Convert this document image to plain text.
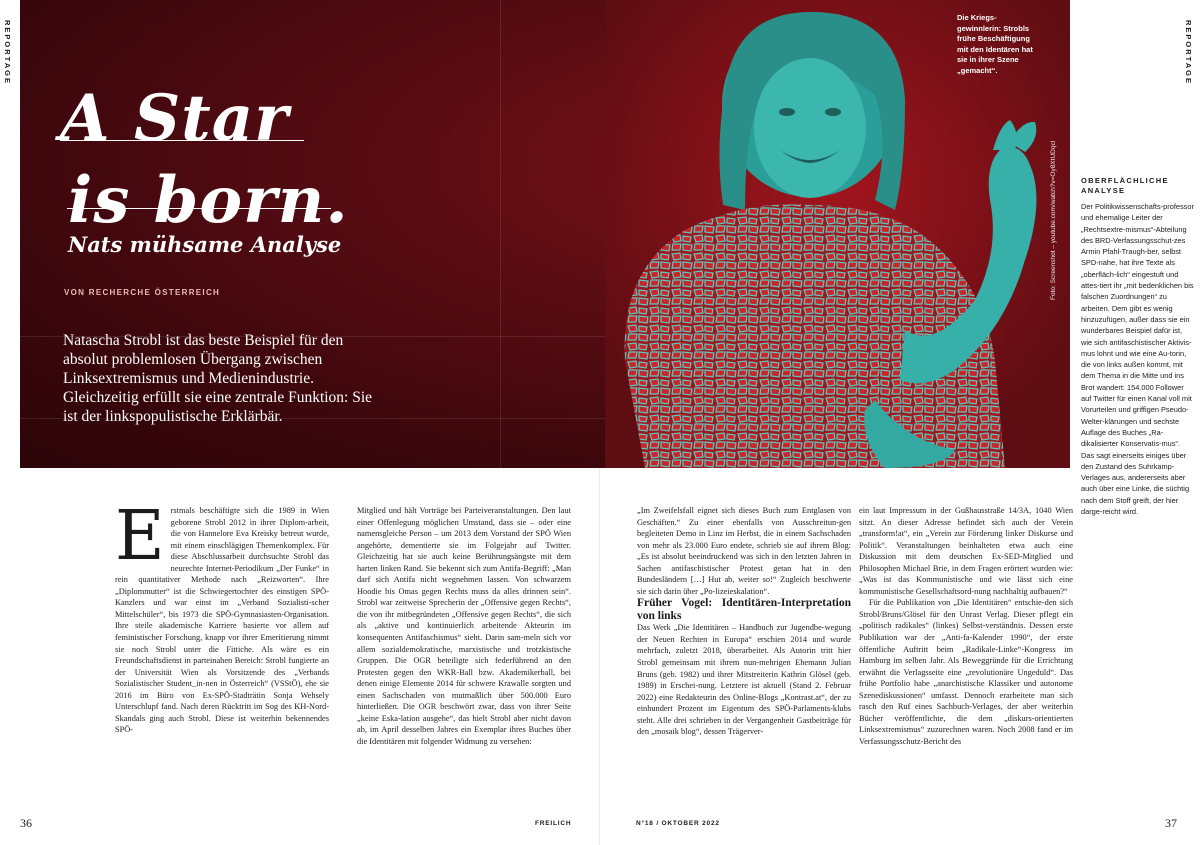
REPORTAGE	REPORTAGE
A Star
is born.
Nats mühsame Analyse
VON RECHERCHE ÖSTERREICH

Natascha Strobl ist das beste Beispiel für den absolut problemlosen Übergang zwischen Linksextremismus und Medienindustrie. Gleichzeitig erfüllt sie eine zentrale Funktion: Sie ist der linkspopulistische Erklärbär.

Die Kriegs-gewinnlerin: Strobls frühe Beschäftigung mit den Identären hat sie in ihrer Szene „gemacht“.
Foto: Screenshot – youtube.com/watch?v=Oy8XtUDqcI	OBERFLÄCHLICHE ANALYSE

Der Politikwissenschafts-professor und ehemalige Leiter der „Rechtsextre-mismus“-Abteilung des BRD-Verfassungsschut-zes Armin Pfahl-Traugh-ber, selbst SPD-nahe, hat ihre Texte als „oberfläch-lich“ eingestuft und attes-tiert ihr „mit bedenklichen bis falschen Zuordnungen“ zu arbeiten. Dem gibt es wenig hinzuzufügen, außer dass sie ein wunderbares Beispiel dafür ist, wie sich antifaschistischer Aktivis-mus lohnt und wie eine Au-torin, die von links außen kommt, mit dem Thema in die Mitte und ins Brot wandert: 154.000 Follower auf Twitter für einen Kanal voll mit Vorurteilen und griffigen Pseudo-Welter-klärungen und sechste Auflage des Buches „Ra-dikalisierter Konservatis-mus“. Das sagt einerseits einiges über den Zustand des Suhrkamp-Verlages aus, andererseits aber auch über eine Linke, die süchtig nach dem Stoff greift, der hier darge-reicht wird.

E rstmals beschäftigte sich die 1989 in Wien geborene Strobl 2012 in ihrer Diplom-arbeit, die von Hannelore Eva Kreisky betreut wurde, mit einem einschlägigen Themenkomplex. Für diese Abschlussarbeit durchsuchte Strobl das neurechte Internet-Periodikum „Der Funke“ in rein quantitativer Methode nach „Reizworten“. Ihre „Diplommutter“ ist die Schwiegertochter des einstigen SPÖ-Kanzlers und war einst im „Verband Sozialisti-scher Mittelschüler“, bis 1973 die SPÖ-Gymnasiasten-Organisation. Ihre steile akademische Karriere basierte vor allem auf feministischer Forschung, knapp vor ihrer Emeritierung nimmt sie noch Strobl unter die Fittiche. Als wäre es ein Freundschaftsdienst in parteinahen Bereich: Strobl fungierte an der Universität Wien als Vorsitzende des „Verbands Sozialistischer Student_in-nen in Österreich“ (VSStÖ), ehe sie 2016 im Büro von Ex-SPÖ-Stadträtin Sonja Wehsely Unterschlupf fand. Nach deren Rücktritt im Sog des KH-Nord-Skandals ging auch Strobl. Diese ist weiterhin bekennendes SPÖ-

Mitglied und hält Vorträge bei Parteiveranstaltungen. Den laut einer Offenlegung möglichen Umstand, dass sie – oder eine namensgleiche Person – um 2013 dem Vorstand der SPÖ Wien angehörte, dementierte sie im Folgejahr auf Twitter. Gleichzeitig hat sie auch keine Berührungsängste mit dem harten linken Rand. Sie bekennt sich zum Antifa-Begriff: „Man darf sich Antifa nicht wegnehmen lassen. Von schwarzem Hoodie bis Omas gegen Rechts muss da alles drinnen sein“. Strobl war zeitweise Sprecherin der „Offensive gegen Rechts“, die von ihr mitbegründeten „Offensive gegen Rechts“, die sich als „aktive und kontinuierlich arbeitende Akteurin im konsequenten Antifaschismus“ sieht. Darin sam-meln sich vor allem sozialdemokratische, marxistische und trotzkistische Gruppen. Die OGR beteiligte sich federführend an den Protesten gegen den WKR-Ball bzw. Akademikerball, bei denen einige Elemente 2014 für schwere Krawalle sorgten und einen Sachschaden von mutmaßlich über 500.000 Euro hinterließen. Die OGR beschwört zwar, dass von ihrer Seite „keine Eska-lation ausgehe“, das hielt Strobl aber nicht davon ab, im April desselben Jahres ein Exemplar ihres Buches über die Identitären mit folgender Widmung zu versehen:

„Im Zweifelsfall eignet sich dieses Buch zum Entglasen von Geschäften.“ Zu einer ebenfalls von Ausschreitun-gen begleiteten Demo in Linz im Herbst, die in einem Sachschaden von mehr als 23.000 Euro endete, schrieb sie auf ihrem Blog: „Es ist absolut beeindruckend was sich in den letzten Jahren in Sachen antifaschistischer Protest getan hat in den Bundesländern […] Hut ab, weiter so!“ Zugleich beschwerte sie sich darin über „Po-lizeieskalation“.

Früher Vogel: Identitären-Interpretation von links

Das Werk „Die Identitären – Handbuch zur Jugendbe-wegung der Neuen Rechten in Europa“ erschien 2014 und wurde mehrfach, zuletzt 2018, überarbeitet. Als Autorin tritt hier Strobl gemeinsam mit ihrem nun-mehrigen Ehemann Julian Bruns (geb. 1982) und ihrer Mitstreiterin Kathrin Glösel (geb. 1989) in Erschei-nung. Letztere ist aktuell (Stand 2. Februar 2022) eine Redakteurin des Online-Blogs „Kontrast.at“, der zu einhundert Prozent im Eigentum des SPÖ-Parlaments-klubs steht. Alle drei schrieben in der Vergangenheit Gastbeiträge für den „mosaik blog“, dessen Trägerver-

ein laut Impressum in der Gußhausstraße 14/3A, 1040 Wien sitzt. An dieser Adresse befindet sich auch der Verein „transform!at“, ein „Verein zur Förderung linker Diskurse und Politik“. Veranstaltungen beinhalteten etwa auch eine Diskussion mit dem deutschen Ex-SED-Mitglied und Philosophen Michael Brie, in dem Fragen erörtert wurden wie: „Was ist das Kommunistische und wie lässt sich eine kommunistische Gesellschaftsord-nung nachhaltig aufbauen?“

Für die Publikation von „Die Identitären“ entschie-den sich Strobl/Bruns/Glösel für den Unrast Verlag. Dieser pflegt ein „politisch radikales“ (linkes) Selbst-verständnis. Dessen erste Publikation war der „Anti-fa-Kalender 1990“, der erste öffentliche Auftritt beim „Radikale-Linke“-Kongress im Hamburg im selben Jahr. Als Beweggründe für die Errichtung erwähnt die Verlagsseite eine „revolutionäre Ungeduld“. Das frühe Portfolio habe „anarchistische Klassiker und autonome Szenediskussionen“ umfasst. Dennoch erarbeitete man sich rasch den Ruf eines Sachbuch-Verlages, der aber weiterhin Bücher veröffentlichte, die dem „diskurs-orientierten Linksextremismus“ zuzurechnen waren. Noch 2008 fand er im Verfassungsschutz-Bericht des

36	FREILICH	N°18 / OKTOBER 2022	37
